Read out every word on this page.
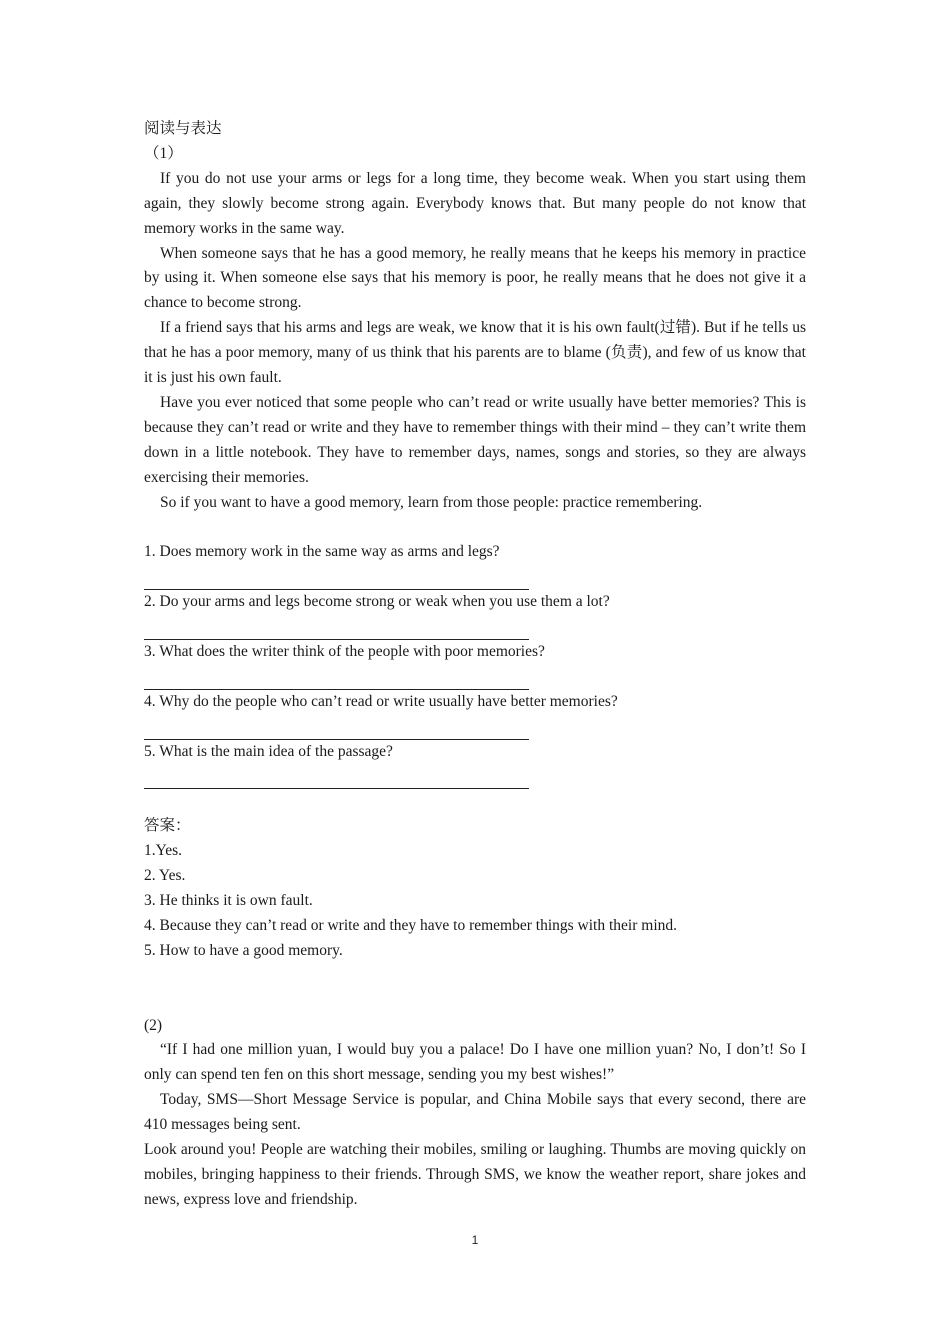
阅读与表达

（1）

If you do not use your arms or legs for a long time, they become weak. When you start using them again, they slowly become strong again. Everybody knows that. But many people do not know that memory works in the same way.

When someone says that he has a good memory, he really means that he keeps his memory in practice by using it. When someone else says that his memory is poor, he really means that he does not give it a chance to become strong.

If a friend says that his arms and legs are weak, we know that it is his own fault(过错). But if he tells us that he has a poor memory, many of us think that his parents are to blame (负责), and few of us know that it is just his own fault.

Have you ever noticed that some people who can’t read or write usually have better memories? This is because they can’t read or write and they have to remember things with their mind – they can’t write them down in a little notebook. They have to remember days, names, songs and stories, so they are always exercising their memories.

So if you want to have a good memory, learn from those people: practice remembering.

1. Does memory work in the same way as arms and legs?

2. Do your arms and legs become strong or weak when you use them a lot?

3. What does the writer think of the people with poor memories?

4. Why do the people who can’t read or write usually have better memories?

5. What is the main idea of the passage?

答案：

1.Yes.

2. Yes.

3. He thinks it is own fault.

4. Because they can’t read or write and they have to remember things with their mind.

5. How to have a good memory.

(2)

“If I had one million yuan, I would buy you a palace! Do I have one million yuan? No, I don’t! So I only can spend ten fen on this short message, sending you my best wishes!”

Today, SMS—Short Message Service is popular, and China Mobile says that every second, there are 410 messages being sent.

Look around you! People are watching their mobiles, smiling or laughing. Thumbs are moving quickly on mobiles, bringing happiness to their friends. Through SMS, we know the weather report, share jokes and news, express love and friendship.

1
